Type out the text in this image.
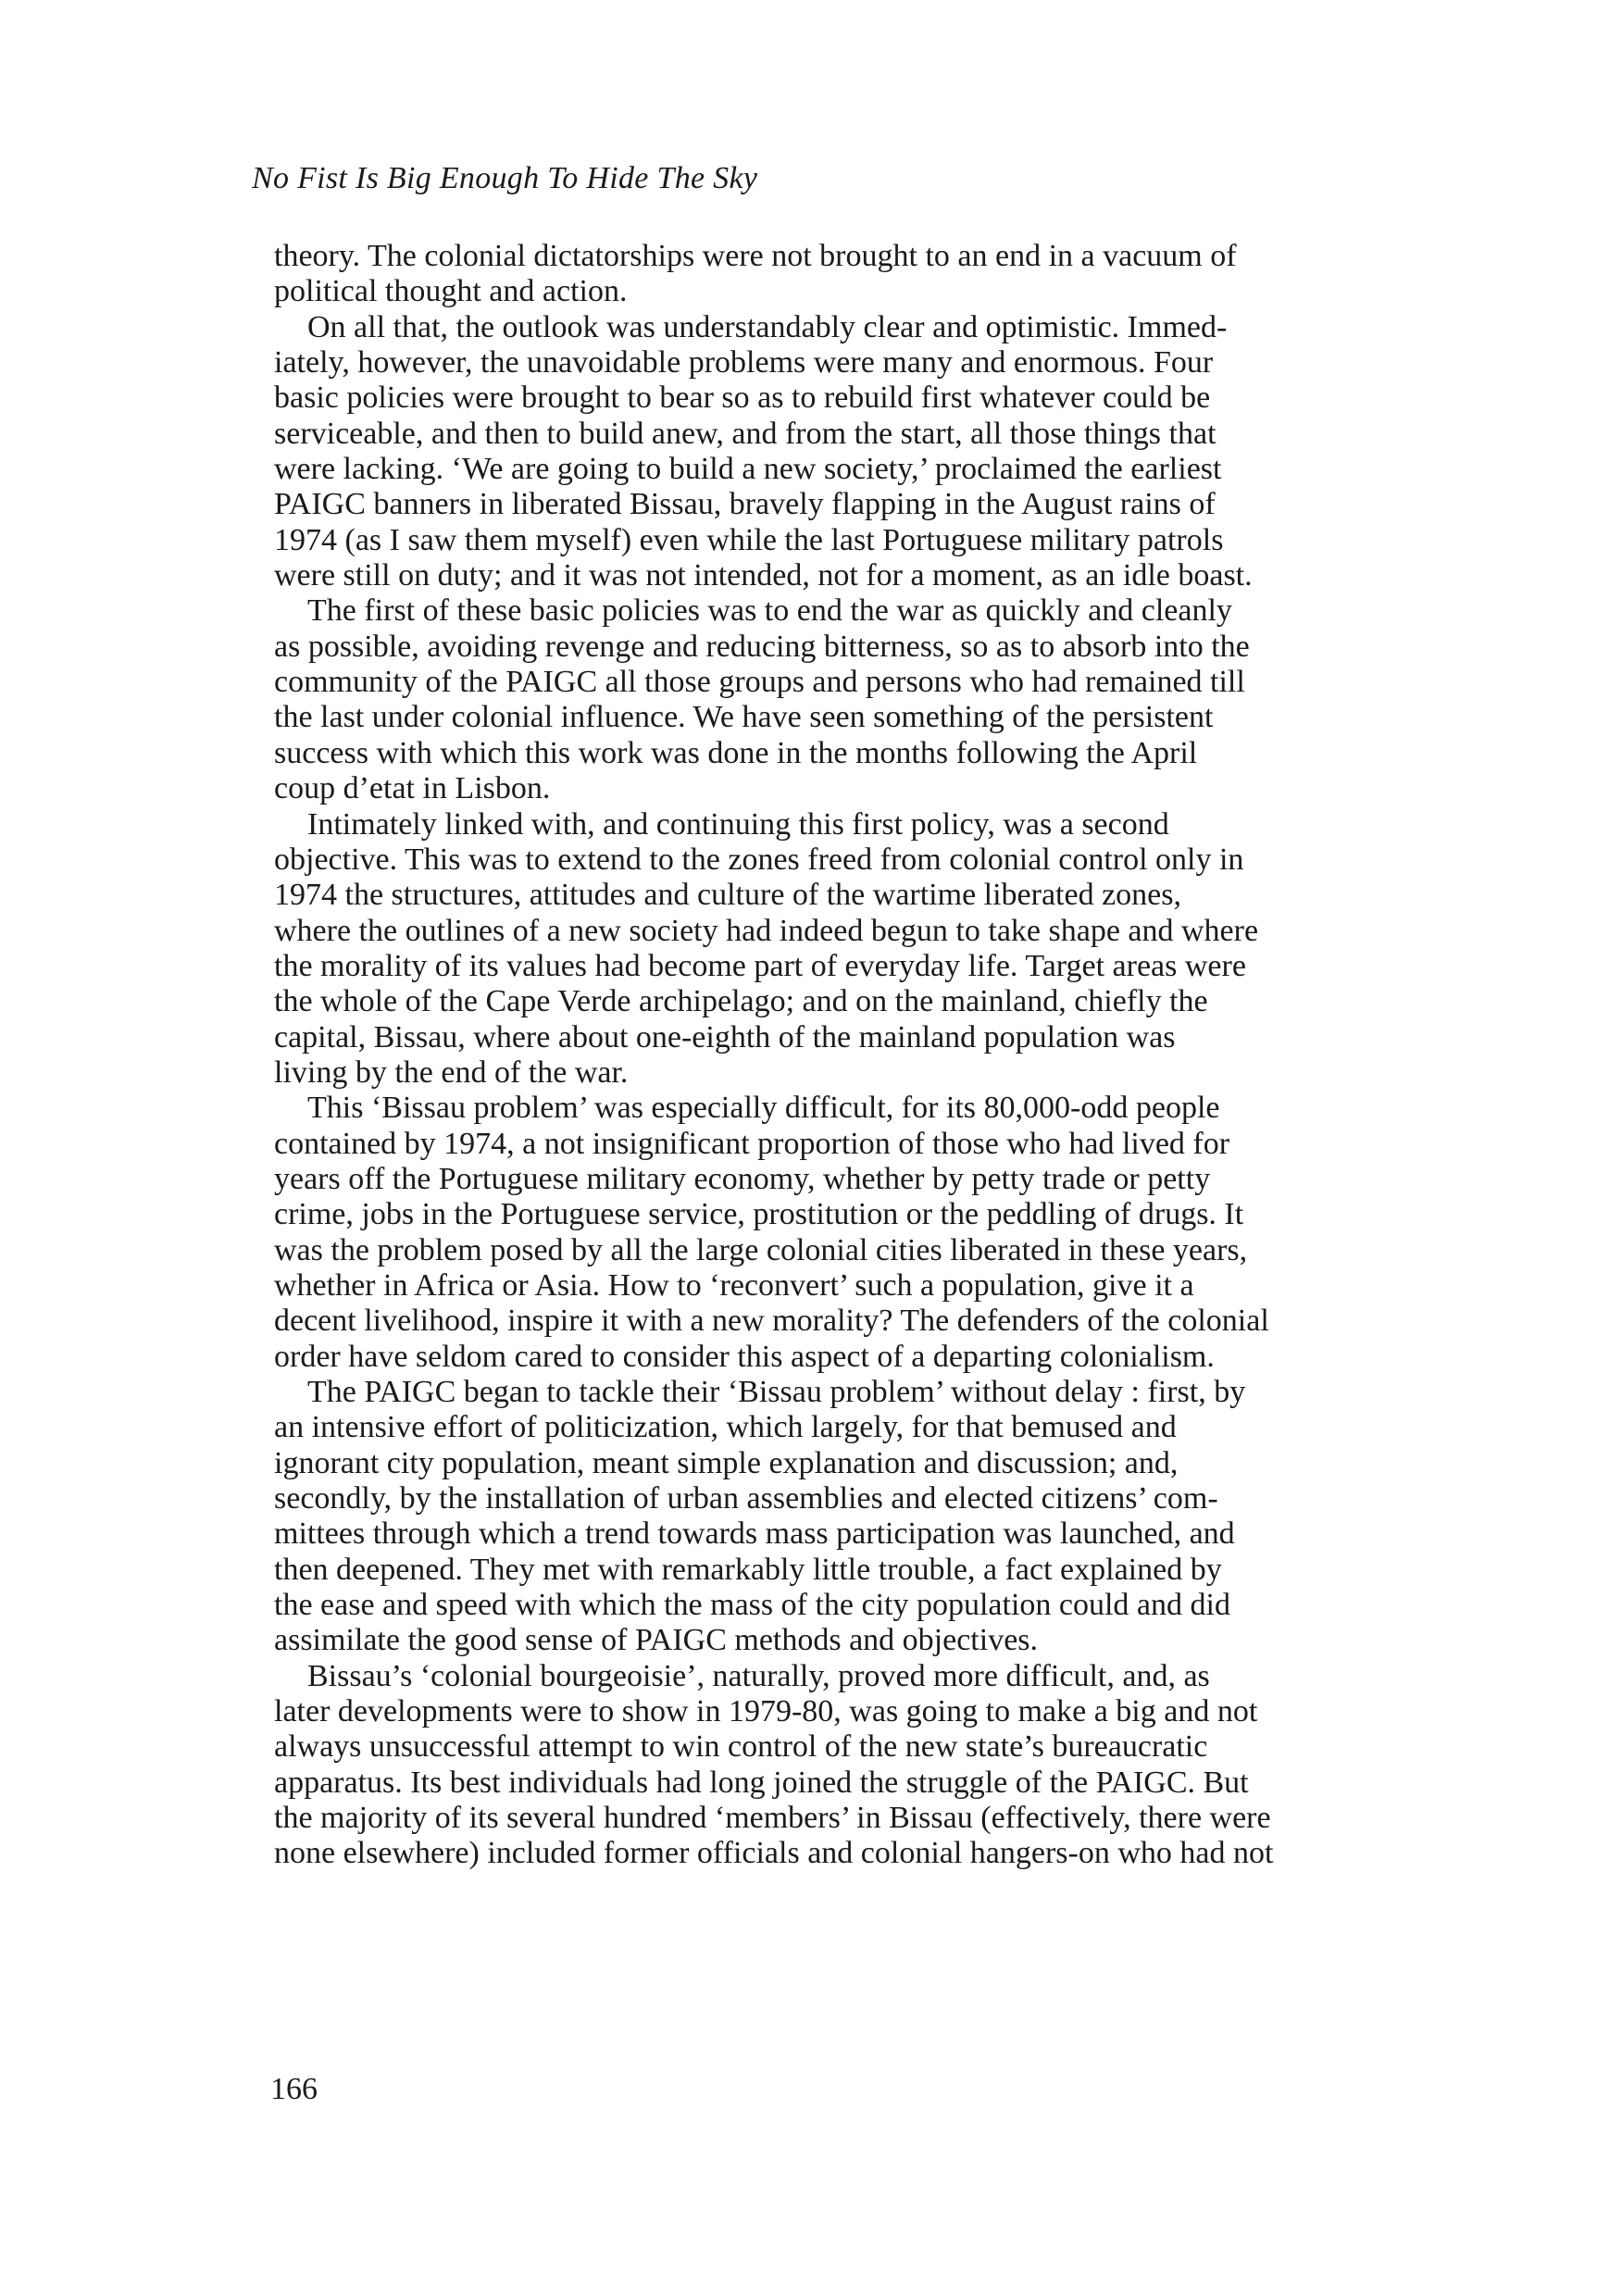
No Fist Is Big Enough To Hide The Sky
theory. The colonial dictatorships were not brought to an end in a vacuum of
political thought and action.
On all that, the outlook was understandably clear and optimistic. Immed-
iately, however, the unavoidable problems were many and enormous. Four
basic policies were brought to bear so as to rebuild first whatever could be
serviceable, and then to build anew, and from the start, all those things that
were lacking. ‘We are going to build a new society,’ proclaimed the earliest
PAIGC banners in liberated Bissau, bravely flapping in the August rains of
1974 (as I saw them myself) even while the last Portuguese military patrols
were still on duty; and it was not intended, not for a moment, as an idle boast.
The first of these basic policies was to end the war as quickly and cleanly
as possible, avoiding revenge and reducing bitterness, so as to absorb into the
community of the PAIGC all those groups and persons who had remained till
the last under colonial influence. We have seen something of the persistent
success with which this work was done in the months following the April
coup d’etat in Lisbon.
Intimately linked with, and continuing this first policy, was a second
objective. This was to extend to the zones freed from colonial control only in
1974 the structures, attitudes and culture of the wartime liberated zones,
where the outlines of a new society had indeed begun to take shape and where
the morality of its values had become part of everyday life. Target areas were
the whole of the Cape Verde archipelago; and on the mainland, chiefly the
capital, Bissau, where about one-eighth of the mainland population was
living by the end of the war.
This ‘Bissau problem’ was especially difficult, for its 80,000-odd people
contained by 1974, a not insignificant proportion of those who had lived for
years off the Portuguese military economy, whether by petty trade or petty
crime, jobs in the Portuguese service, prostitution or the peddling of drugs. It
was the problem posed by all the large colonial cities liberated in these years,
whether in Africa or Asia. How to ‘reconvert’ such a population, give it a
decent livelihood, inspire it with a new morality? The defenders of the colonial
order have seldom cared to consider this aspect of a departing colonialism.
The PAIGC began to tackle their ‘Bissau problem’ without delay : first, by
an intensive effort of politicization, which largely, for that bemused and
ignorant city population, meant simple explanation and discussion; and,
secondly, by the installation of urban assemblies and elected citizens’ com-
mittees through which a trend towards mass participation was launched, and
then deepened. They met with remarkably little trouble, a fact explained by
the ease and speed with which the mass of the city population could and did
assimilate the good sense of PAIGC methods and objectives.
Bissau’s ‘colonial bourgeoisie’, naturally, proved more difficult, and, as
later developments were to show in 1979-80, was going to make a big and not
always unsuccessful attempt to win control of the new state’s bureaucratic
apparatus. Its best individuals had long joined the struggle of the PAIGC. But
the majority of its several hundred ‘members’ in Bissau (effectively, there were
none elsewhere) included former officials and colonial hangers-on who had not
166
